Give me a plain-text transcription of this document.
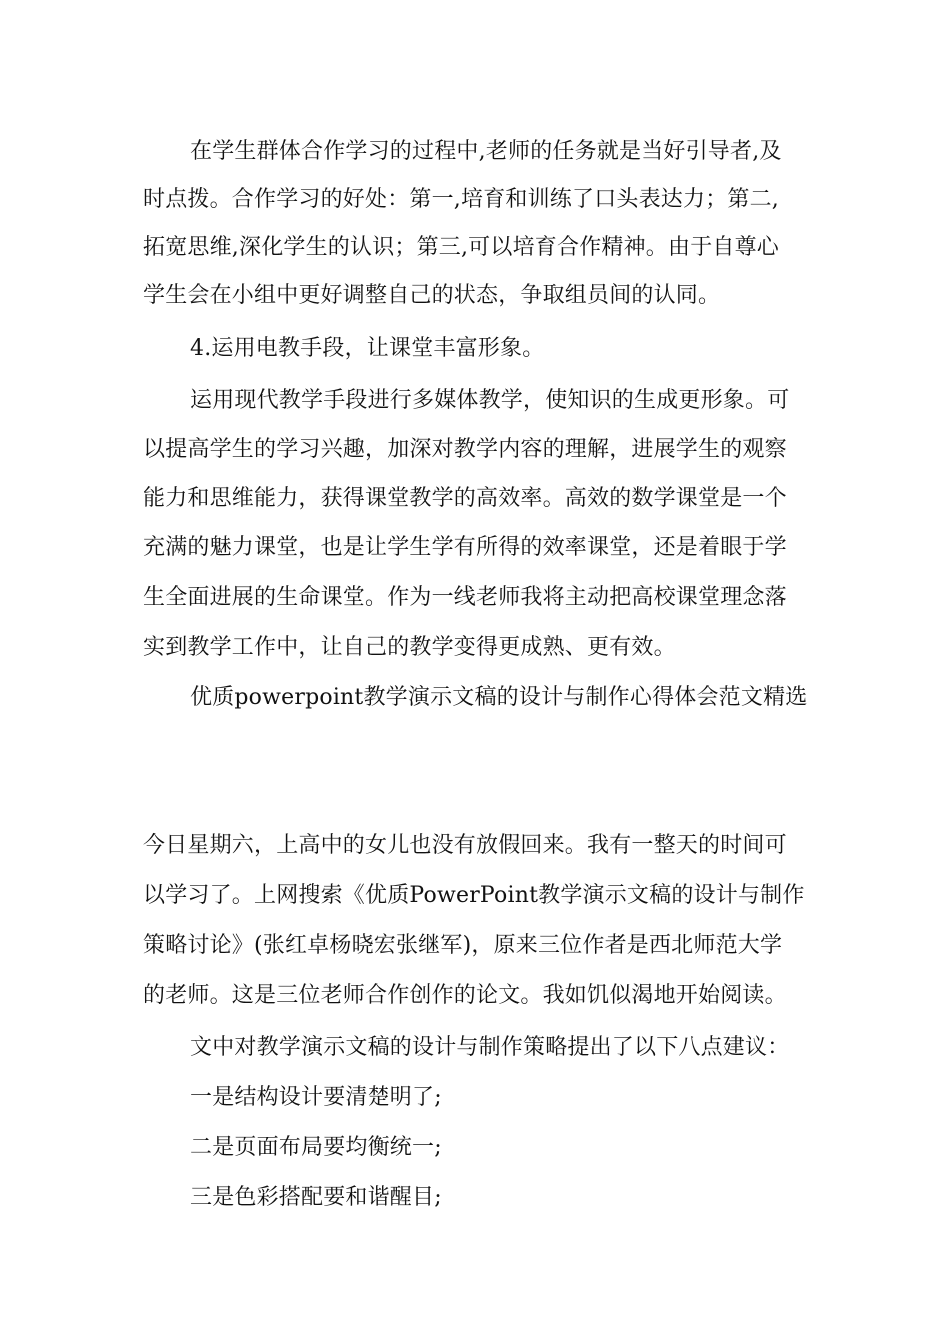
在学生群体合作学习的过程中,老师的任务就是当好引导者,及
时点拨。合作学习的好处：第一,培育和训练了口头表达力；第二,
拓宽思维,深化学生的认识；第三,可以培育合作精神。由于自尊心
学生会在小组中更好调整自己的状态，争取组员间的认同。
4.运用电教手段，让课堂丰富形象。
运用现代教学手段进行多媒体教学，使知识的生成更形象。可
以提高学生的学习兴趣，加深对教学内容的理解，进展学生的观察
能力和思维能力，获得课堂教学的高效率。高效的数学课堂是一个
充满的魅力课堂，也是让学生学有所得的效率课堂，还是着眼于学
生全面进展的生命课堂。作为一线老师我将主动把高校课堂理念落
实到教学工作中，让自己的教学变得更成熟、更有效。
优质powerpoint教学演示文稿的设计与制作心得体会范文精选
今日星期六，上高中的女儿也没有放假回来。我有一整天的时间可
以学习了。上网搜索《优质PowerPoint教学演示文稿的设计与制作
策略讨论》(张红卓杨晓宏张继军)，原来三位作者是西北师范大学
的老师。这是三位老师合作创作的论文。我如饥似渴地开始阅读。
文中对教学演示文稿的设计与制作策略提出了以下八点建议：
一是结构设计要清楚明了;
二是页面布局要均衡统一;
三是色彩搭配要和谐醒目;
